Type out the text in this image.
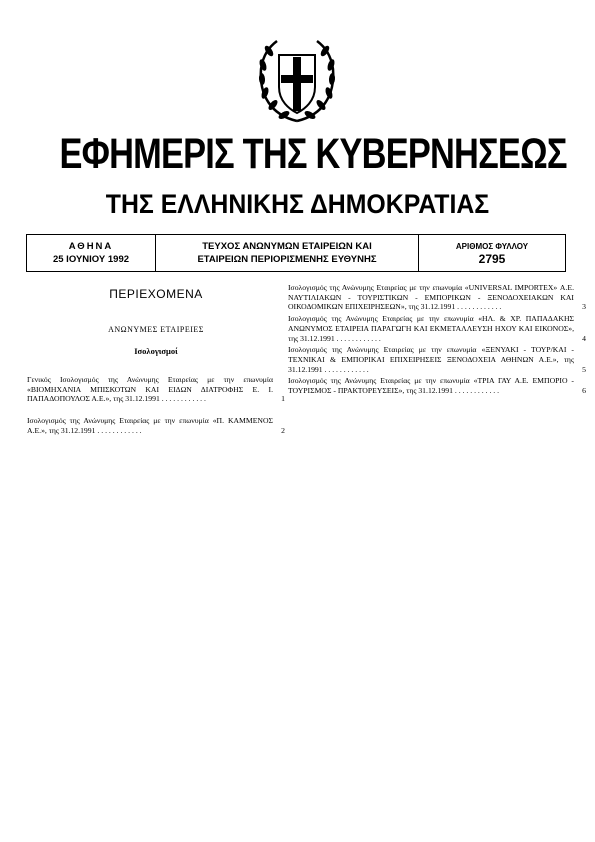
ΕΦΗΜΕΡΙΣ ΤΗΣ ΚΥΒΕΡΝΗΣΕΩΣ
ΤΗΣ ΕΛΛΗΝΙΚΗΣ ΔΗΜΟΚΡΑΤΙΑΣ
ΑΘΗΝΑ
25 ΙΟΥΝΙΟΥ 1992
ΤΕΥΧΟΣ ΑΝΩΝΥΜΩΝ ΕΤΑΙΡΕΙΩΝ ΚΑΙ
ΕΤΑΙΡΕΙΩΝ ΠΕΡΙΟΡΙΣΜΕΝΗΣ ΕΥΘΥΝΗΣ
ΑΡΙΘΜΟΣ ΦΥΛΛΟΥ
2795
ΠΕΡΙΕΧΟΜΕΝΑ
ΑΝΩΝΥΜΕΣ ΕΤΑΙΡΕΙΕΣ
Ισολογισμοί
Γενικός Ισολογισμός της Ανώνυμης Εταιρείας με την επωνυμία «ΒΙΟΜΗΧΑΝΙΑ ΜΠΙΣΚΟΤΩΝ ΚΑΙ ΕΙΔΩΝ ΔΙΑΤΡΟΦΗΣ Ε. Ι. ΠΑΠΑΔΟΠΟΥΛΟΣ Α.Ε.», της 31.12.1991 . . .	1
Ισολογισμός της Ανώνυμης Εταιρείας με την επωνυμία «Π. ΚΑΜΜΕΝΟΣ Α.Ε.», της 31.12.1991 . . .	2
Ισολογισμός της Ανώνυμης Εταιρείας με την επωνυμία «UNIVERSAL IMPORTEX» Α.Ε. ΝΑΥΤΙΛΙΑΚΩΝ - ΤΟΥΡΙΣΤΙΚΩΝ - ΕΜΠΟΡΙΚΩΝ - ΞΕΝΟΔΟΧΕΙΑΚΩΝ ΚΑΙ ΟΙΚΟΔΟΜΙΚΩΝ ΕΠΙΧΕΙΡΗΣΕΩΝ», της 31.12.1991 . . .	3
Ισολογισμός της Ανώνυμης Εταιρείας με την επωνυμία «ΗΛ. & ΧΡ. ΠΑΠΑΔΑΚΗΣ ΑΝΩΝΥΜΟΣ ΕΤΑΙΡΕΙΑ ΠΑΡΑΓΩΓΗ ΚΑΙ ΕΚΜΕΤΑΛΛΕΥΣΗ ΗΧΟΥ ΚΑΙ ΕΙΚΟΝΟΣ», της 31.12.1991 . . .	4
Ισολογισμός της Ανώνυμης Εταιρείας με την επωνυμία «ΞΕΝΥΑΚΙ - ΤΟΥΡ/ΚΑΙ - ΤΕΧΝΙΚΑΙ & ΕΜΠΟΡΙΚΑΙ ΕΠΙΧΕΙΡΗΣΕΙΣ ΞΕΝΟΔΟΧΕΙΑ ΑΘΗΝΩΝ Α.Ε.», της 31.12.1991 . . .	5
Ισολογισμός της Ανώνυμης Εταιρείας με την επωνυμία «ΤΡΙΑ ΓΑΥ Α.Ε. ΕΜΠΟΡΙΟ - ΤΟΥΡΙΣΜΟΣ - ΠΡΑΚΤΟΡΕΥΣΕΙΣ», της 31.12.1991 . . .	6
